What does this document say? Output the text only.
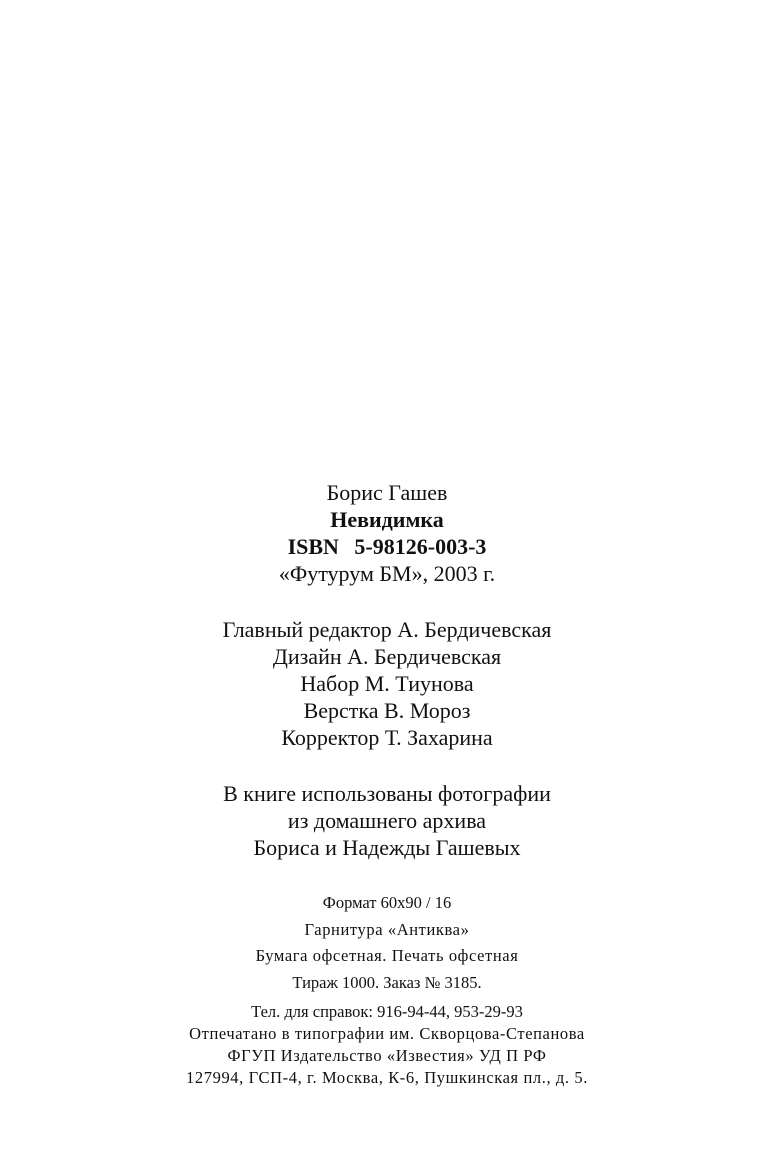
Борис Гашев
Невидимка
ISBN 5-98126-003-3
«Футурум БМ», 2003 г.
Главный редактор А. Бердичевская
Дизайн А. Бердичевская
Набор М. Тиунова
Верстка В. Мороз
Корректор Т. Захарина
В книге использованы фотографии
из домашнего архива
Бориса и Надежды Гашевых
Формат 60х90 / 16
Гарнитура «Антиква»
Бумага офсетная. Печать офсетная
Тираж 1000. Заказ № 3185.
Тел. для справок: 916-94-44, 953-29-93
Отпечатано в типографии им. Скворцова-Степанова
ФГУП Издательство «Известия» УД П РФ
127994, ГСП-4, г. Москва, К-6, Пушкинская пл., д. 5.
